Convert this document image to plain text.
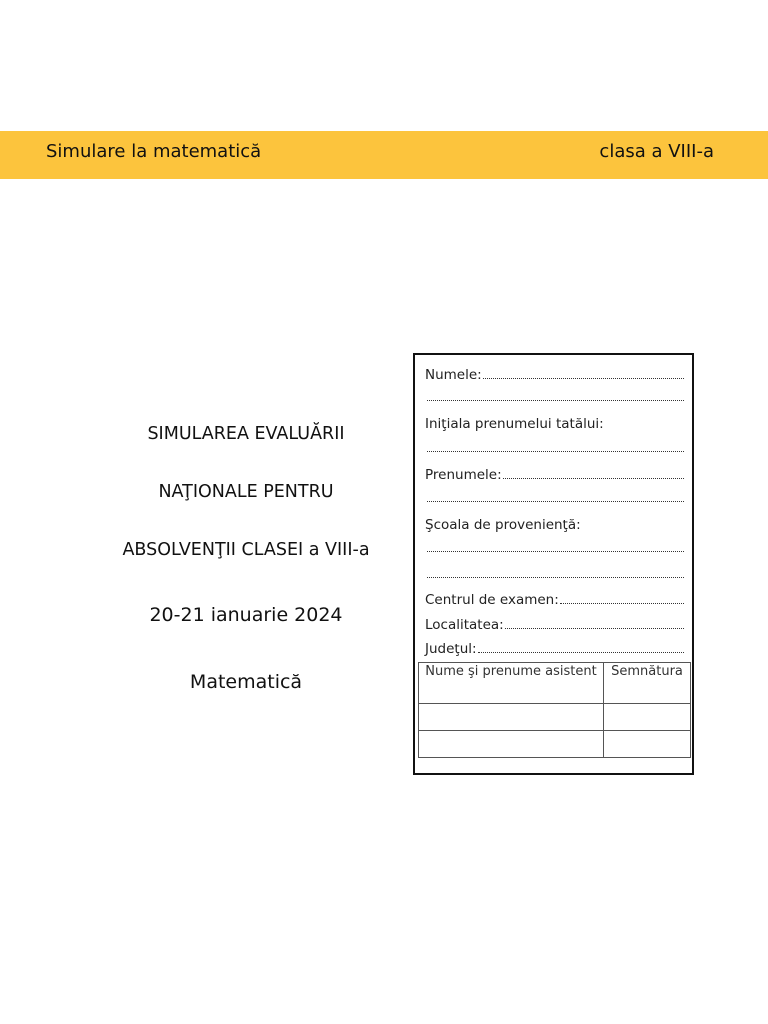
Simulare la matematică	clasa a VIII-a
SIMULAREA EVALUĂRII
NAŢIONALE PENTRU
ABSOLVENŢII CLASEI a VIII-a
20-21 ianuarie 2024
Matematică
Numele:
Iniţiala prenumelui tatălui:
Prenumele:
Şcoala de provenienţă:
Centrul de examen:
Localitatea:
Judeţul:
Nume şi prenume asistent	Semnătura
